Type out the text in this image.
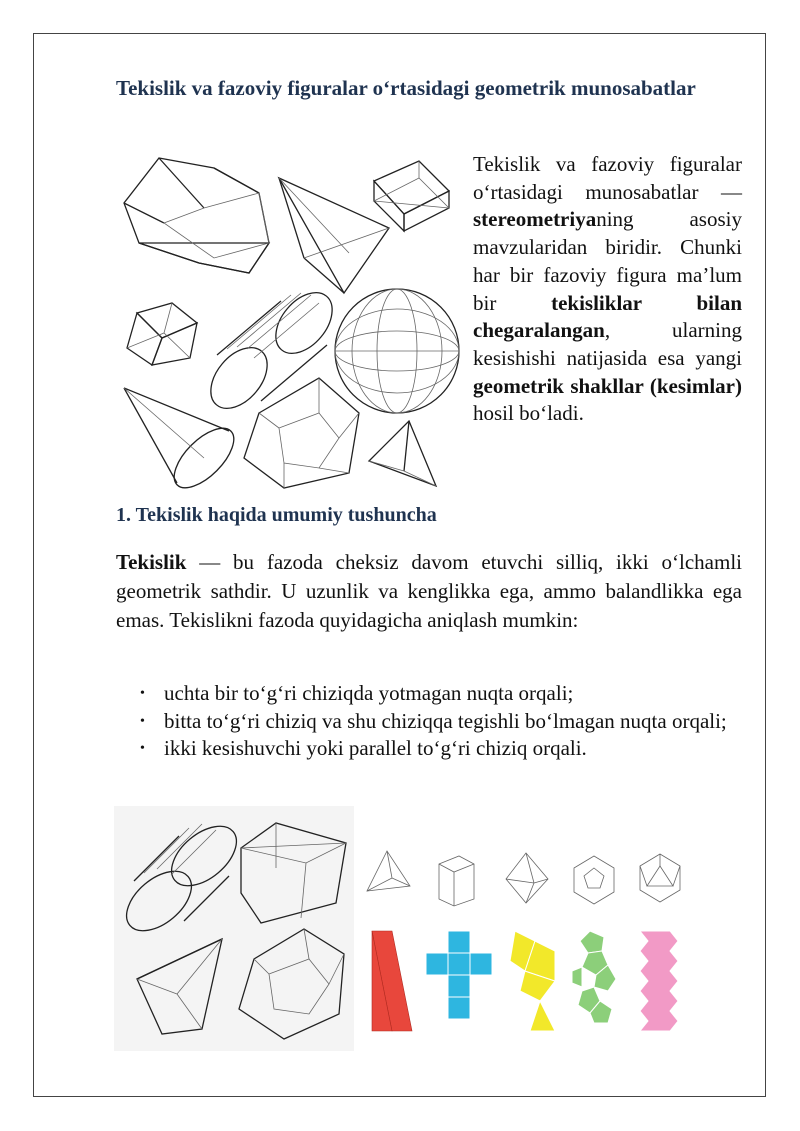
Tekislik va fazoviy figuralar o‘rtasidagi geometrik munosabatlar

Tekislik va fazoviy figuralar o‘rtasidagi munosabatlar — stereometriyaning asosiy mavzularidan biridir. Chunki har bir fazoviy figura ma’lum bir tekisliklar bilan chegaralangan, ularning kesishishi natijasida esa yangi geometrik shakllar (kesimlar) hosil bo‘ladi.

1. Tekislik haqida umumiy tushuncha

Tekislik — bu fazoda cheksiz davom etuvchi silliq, ikki o‘lchamli geometrik sathdir. U uzunlik va kenglikka ega, ammo balandlikka ega emas. Tekislikni fazoda quyidagicha aniqlash mumkin:

• uchta bir to‘g‘ri chiziqda yotmagan nuqta orqali;
• bitta to‘g‘ri chiziq va shu chiziqqa tegishli bo‘lmagan nuqta orqali;
• ikki kesishuvchi yoki parallel to‘g‘ri chiziq orqali.
